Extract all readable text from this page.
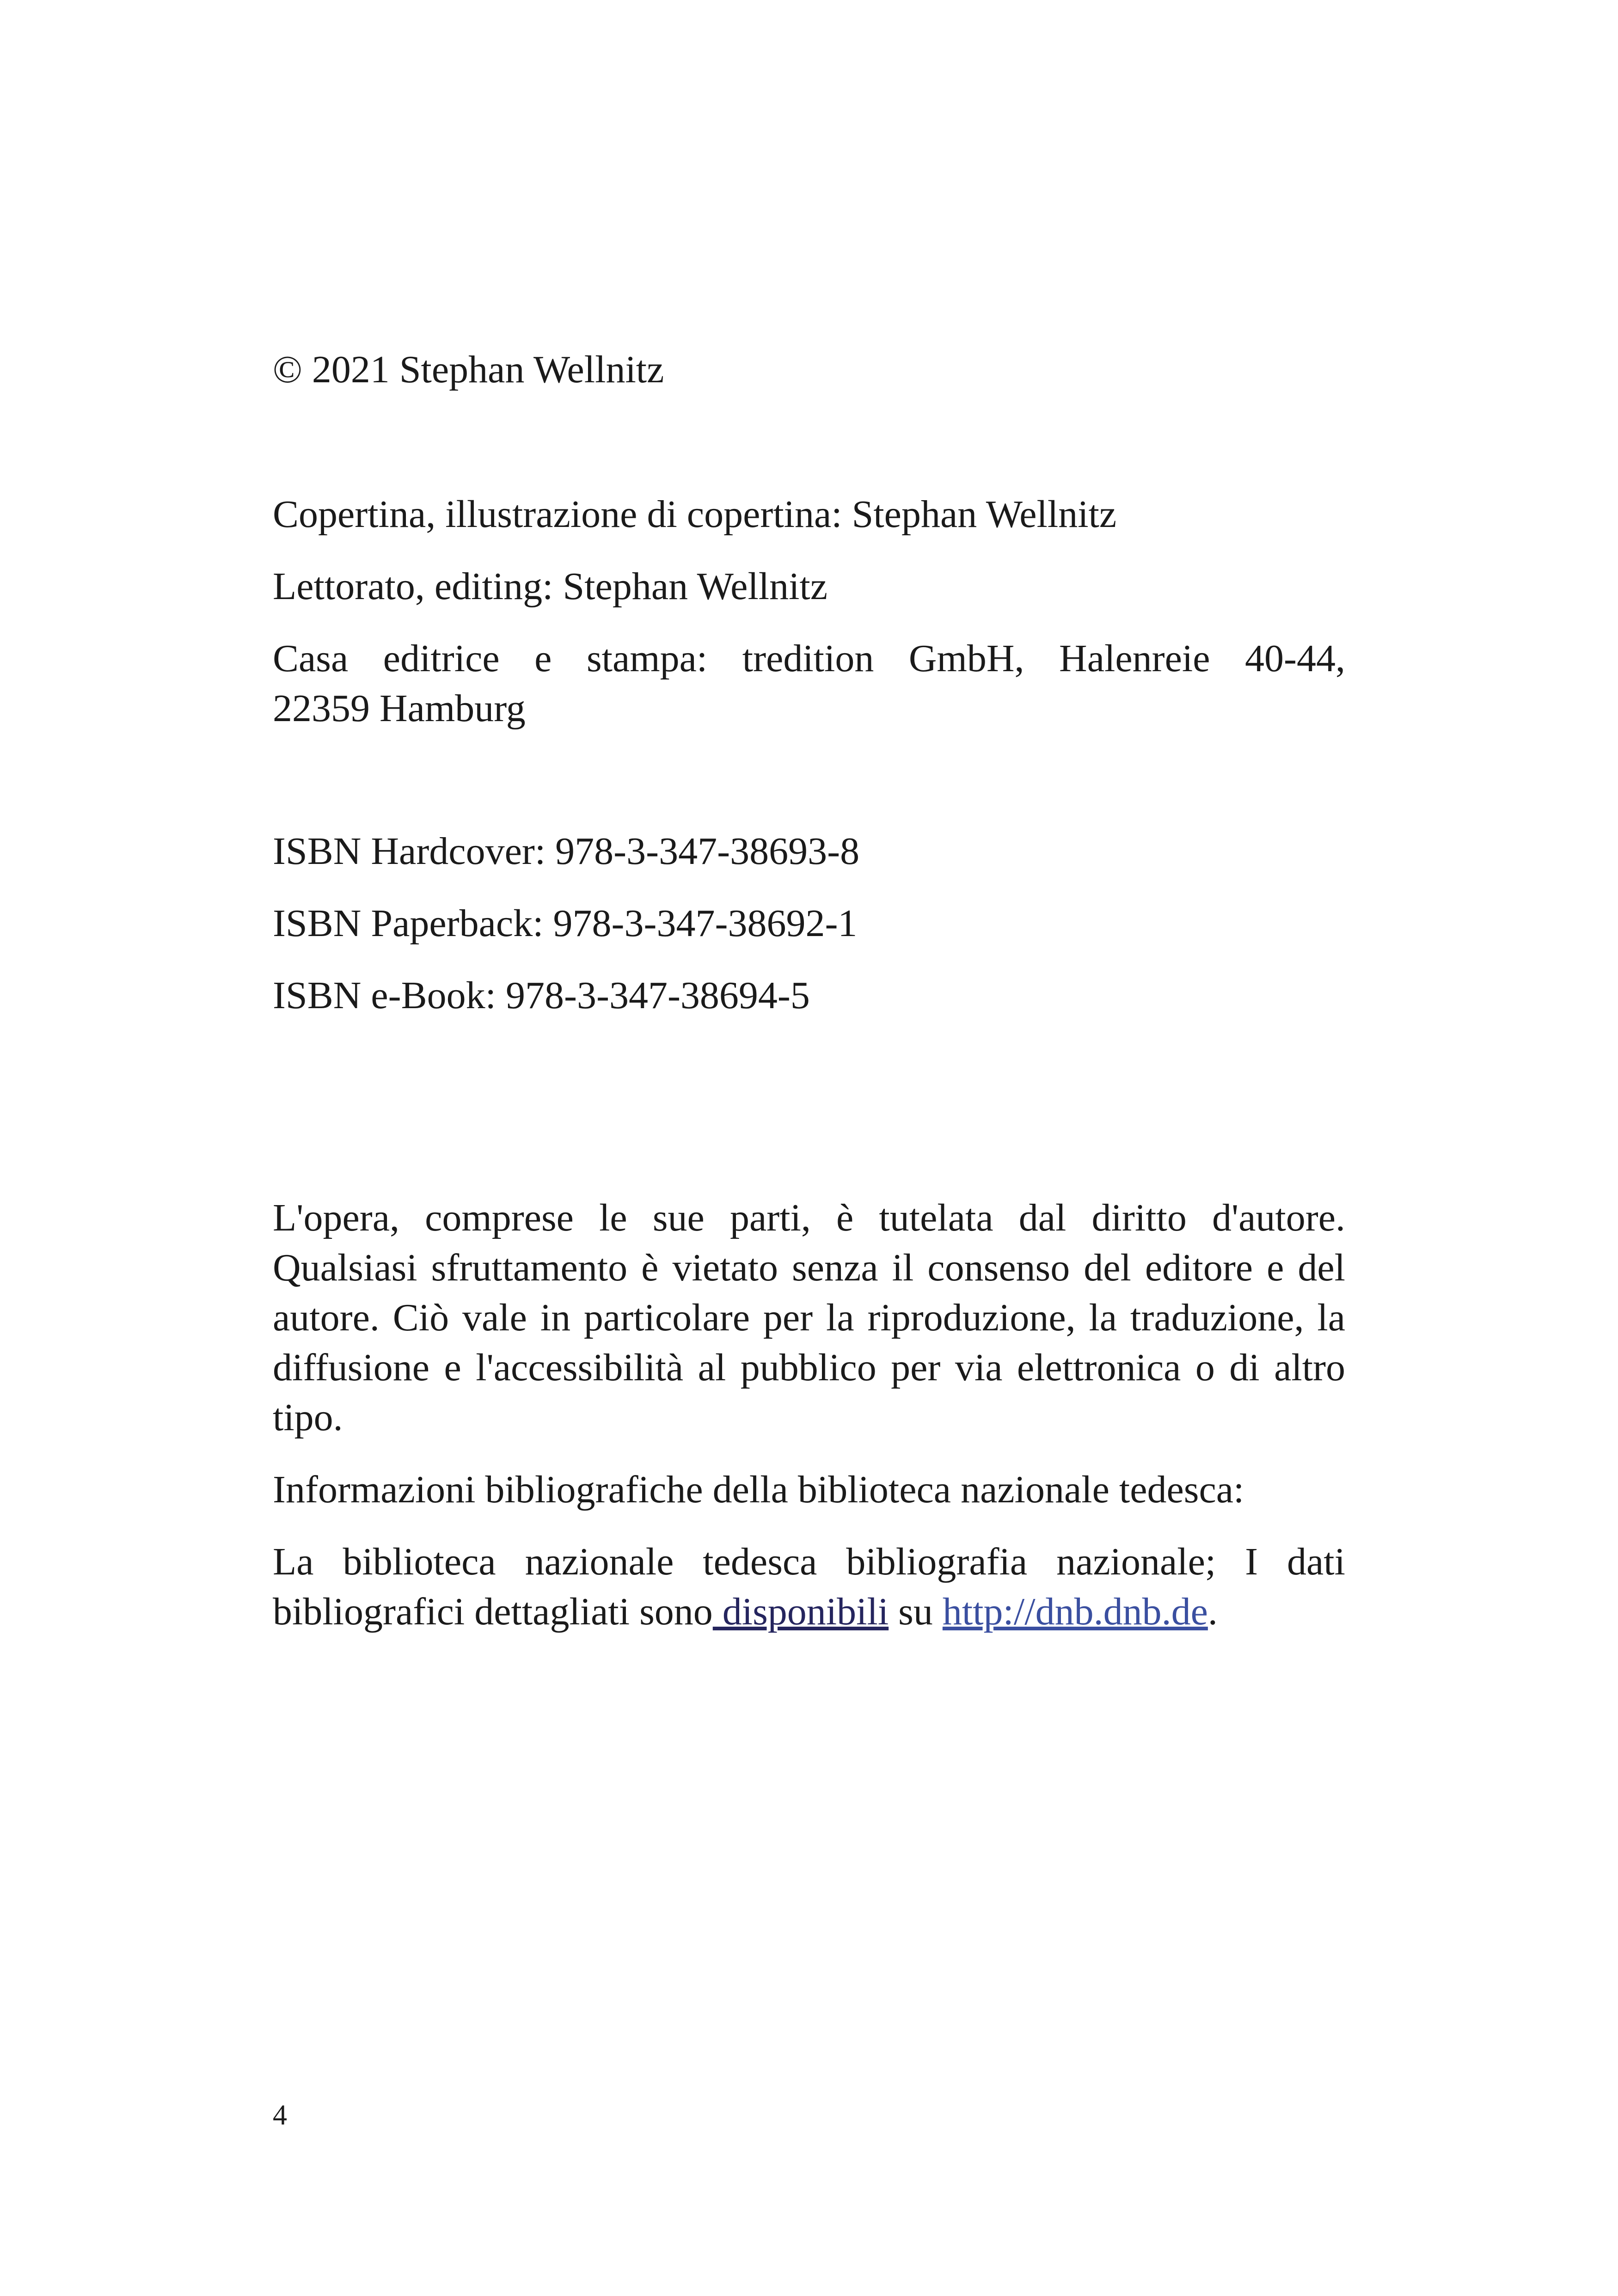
© 2021 Stephan Wellnitz

Copertina, illustrazione di copertina: Stephan Wellnitz

Lettorato, editing: Stephan Wellnitz

Casa editrice e stampa: tredition GmbH, Halenreie 40-44,
22359 Hamburg

ISBN Hardcover: 978-3-347-38693-8

ISBN Paperback: 978-3-347-38692-1

ISBN e-Book: 978-3-347-38694-5

L'opera, comprese le sue parti, è tutelata dal diritto d'autore. Qualsiasi sfruttamento è vietato senza il consenso del editore e del autore. Ciò vale in particolare per la riproduzione, la traduzione, la diffusione e l'accessibilità al pubblico per via elettronica o di altro tipo.

Informazioni bibliografiche della biblioteca nazionale tedesca:

La biblioteca nazionale tedesca bibliografia nazionale; I dati bibliografici dettagliati sono disponibili su http://dnb.dnb.de.

4
